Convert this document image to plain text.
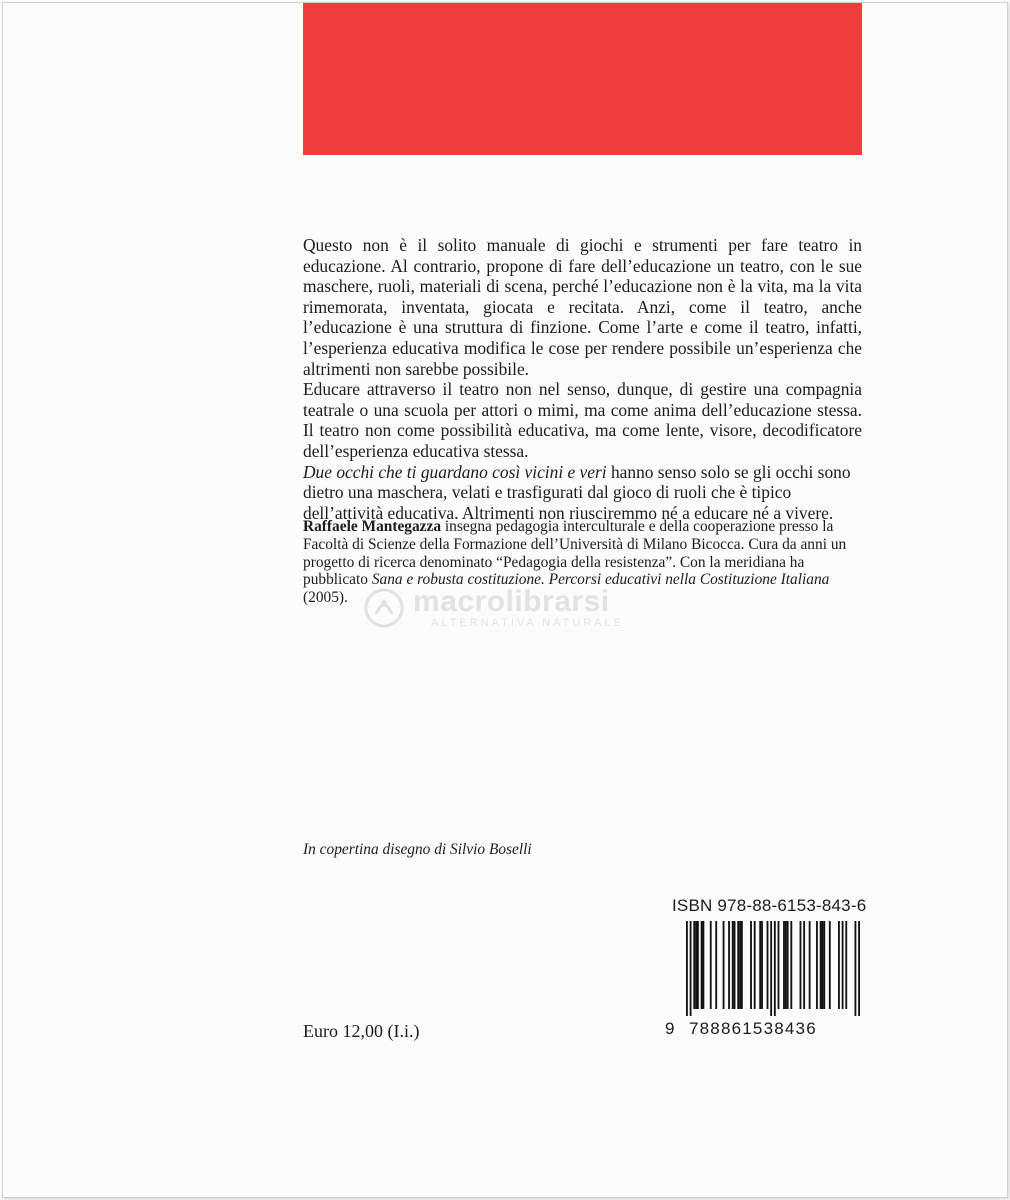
Questo non è il solito manuale di giochi e strumenti per fare teatro in educazione. Al contrario, propone di fare dell’educazione un teatro, con le sue maschere, ruoli, materiali di scena, perché l’educazione non è la vita, ma la vita rimemorata, inventata, giocata e recitata. Anzi, come il teatro, anche l’educazione è una struttura di finzione. Come l’arte e come il teatro, infatti, l’esperienza educativa modifica le cose per rendere possibile un’esperienza che altrimenti non sarebbe possibile.

Educare attraverso il teatro non nel senso, dunque, di gestire una compagnia teatrale o una scuola per attori o mimi, ma come anima dell’educazione stessa. Il teatro non come possibilità educativa, ma come lente, visore, decodificatore dell’esperienza educativa stessa.

Due occhi che ti guardano così vicini e veri hanno senso solo se gli occhi sono dietro una maschera, velati e trasfigurati dal gioco di ruoli che è tipico dell’attività educativa. Altrimenti non riusciremmo né a educare né a vivere.

Raffaele Mantegazza insegna pedagogia interculturale e della cooperazione presso la Facoltà di Scienze della Formazione dell’Università di Milano Bicocca. Cura da anni un progetto di ricerca denominato “Pedagogia della resistenza”. Con la meridiana ha pubblicato Sana e robusta costituzione. Percorsi educativi nella Costituzione Italiana (2005).	macrolibrarsi
ALTERNATIVA NATURALE
In copertina disegno di Silvio Boselli
ISBN 978-88-6153-843-6
9 788861538436
Euro 12,00 (I.i.)
